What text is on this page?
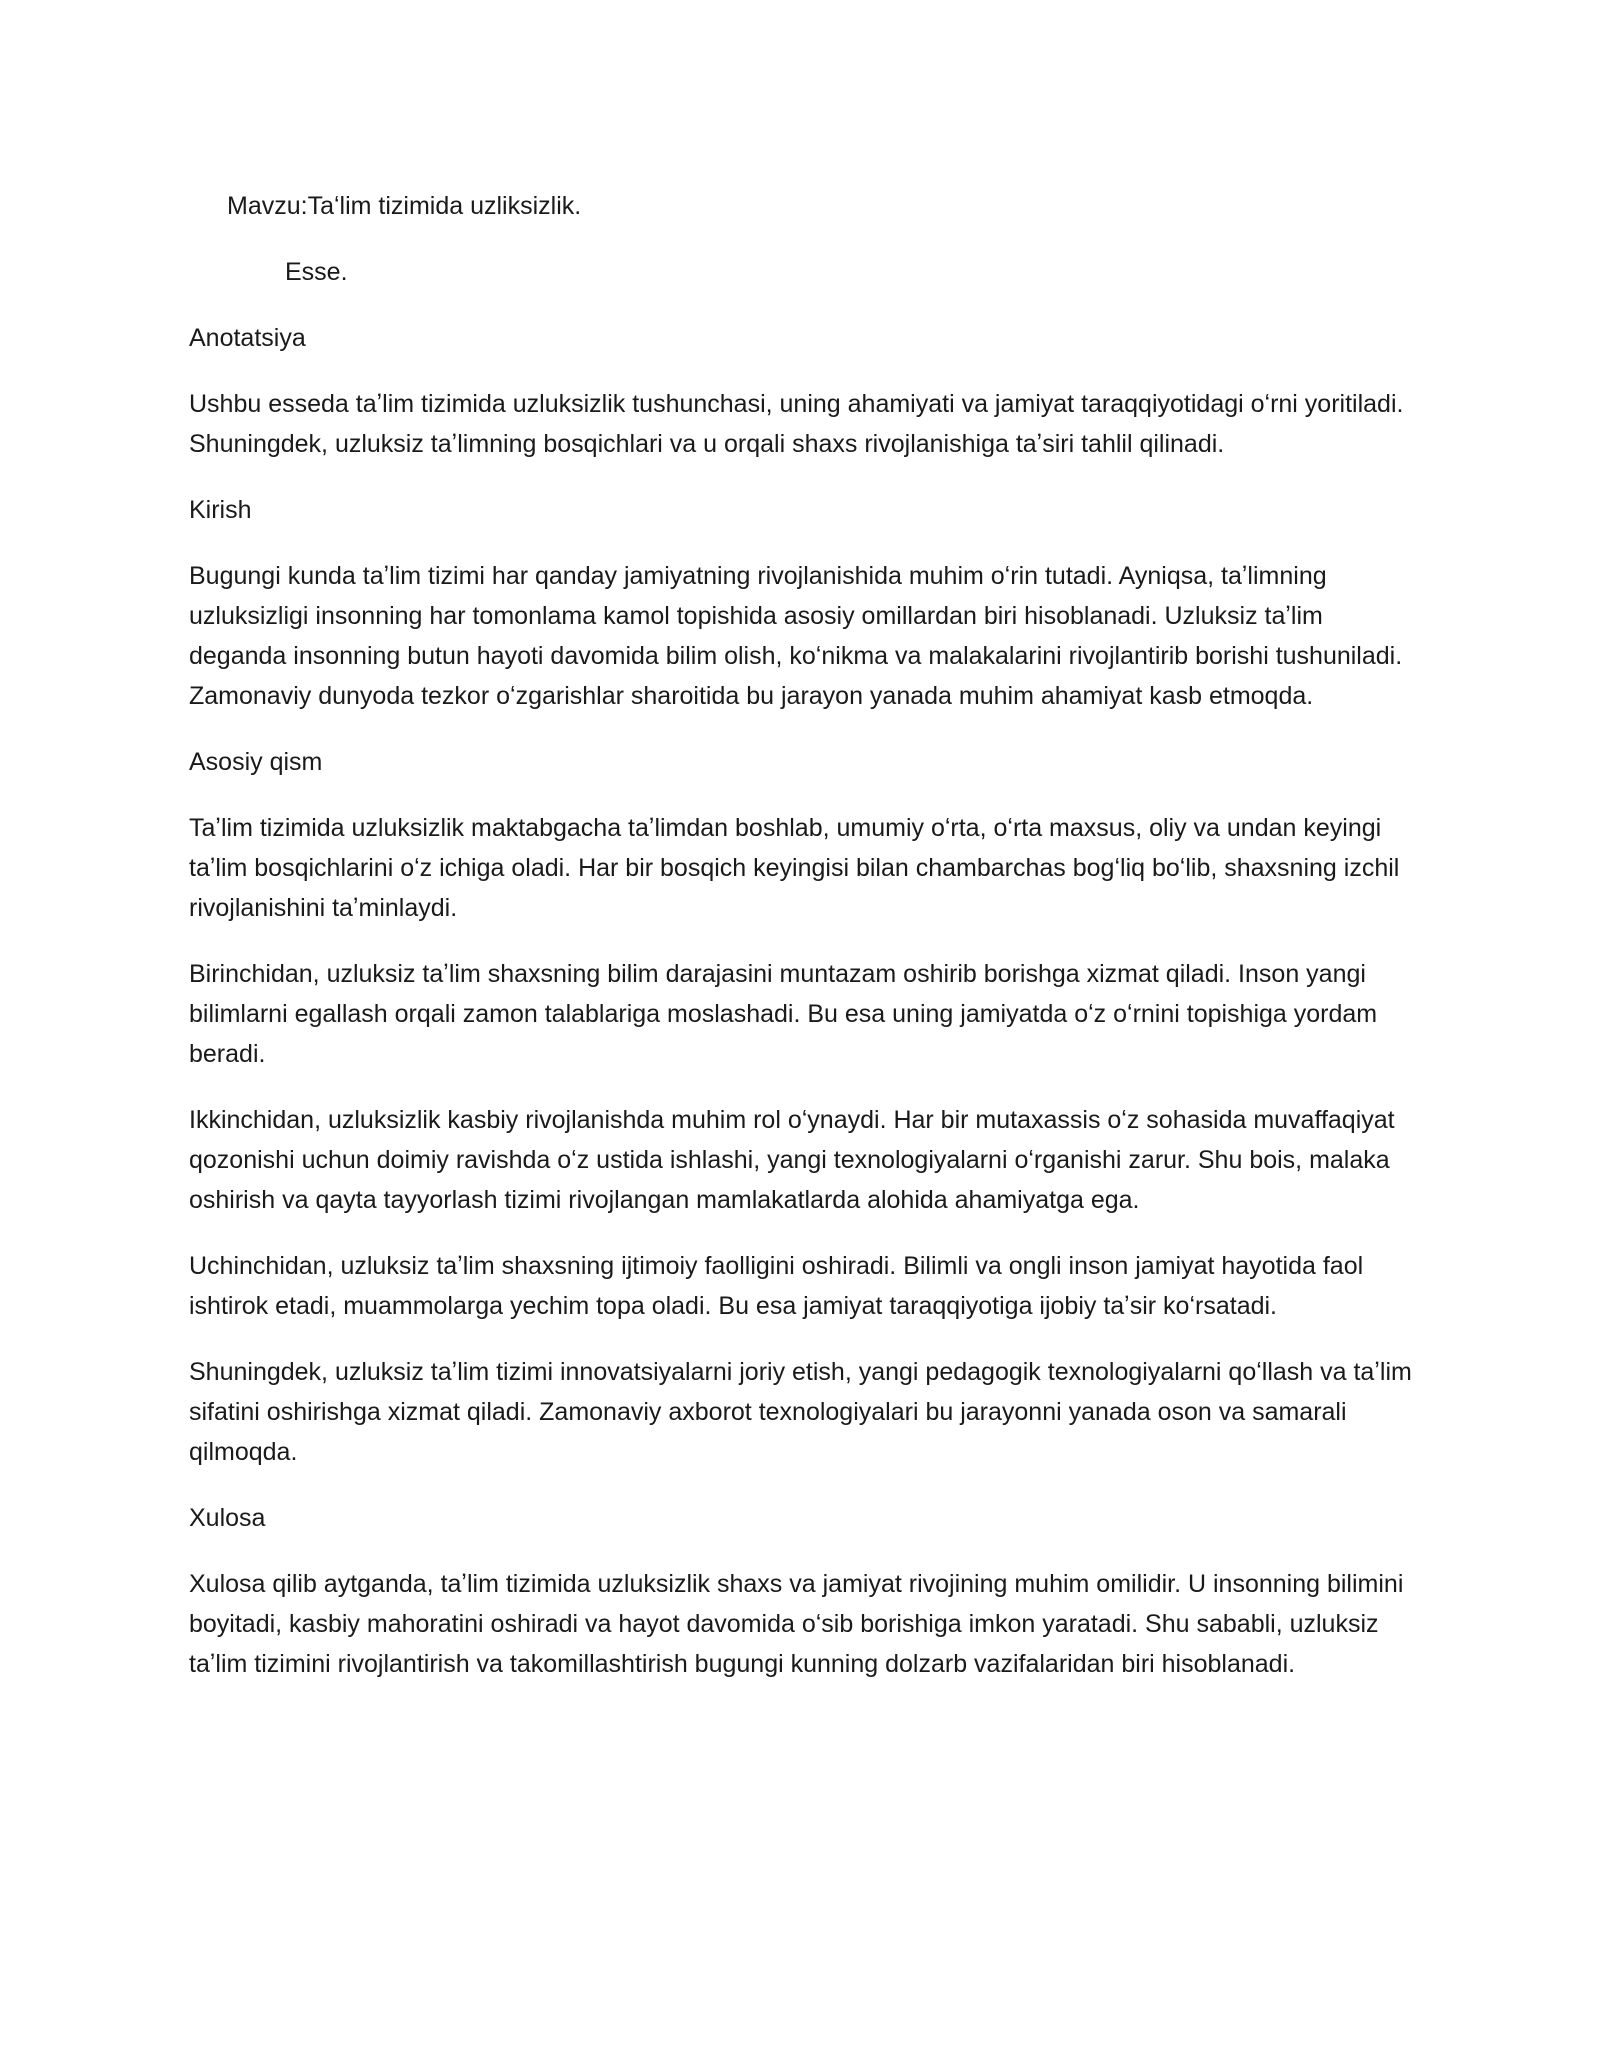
Mavzu:Taʻlim tizimida uzliksizlik.

Esse.

Anotatsiya

Ushbu esseda taʼlim tizimida uzluksizlik tushunchasi, uning ahamiyati va jamiyat taraqqiyotidagi oʻrni yoritiladi. Shuningdek, uzluksiz taʼlimning bosqichlari va u orqali shaxs rivojlanishiga taʼsiri tahlil qilinadi.

Kirish

Bugungi kunda taʼlim tizimi har qanday jamiyatning rivojlanishida muhim oʻrin tutadi. Ayniqsa, taʼlimning uzluksizligi insonning har tomonlama kamol topishida asosiy omillardan biri hisoblanadi. Uzluksiz taʼlim deganda insonning butun hayoti davomida bilim olish, koʻnikma va malakalarini rivojlantirib borishi tushuniladi. Zamonaviy dunyoda tezkor oʻzgarishlar sharoitida bu jarayon yanada muhim ahamiyat kasb etmoqda.

Asosiy qism

Taʼlim tizimida uzluksizlik maktabgacha taʼlimdan boshlab, umumiy oʻrta, oʻrta maxsus, oliy va undan keyingi taʼlim bosqichlarini oʻz ichiga oladi. Har bir bosqich keyingisi bilan chambarchas bogʻliq boʻlib, shaxsning izchil rivojlanishini taʼminlaydi.

Birinchidan, uzluksiz taʼlim shaxsning bilim darajasini muntazam oshirib borishga xizmat qiladi. Inson yangi bilimlarni egallash orqali zamon talablariga moslashadi. Bu esa uning jamiyatda oʻz oʻrnini topishiga yordam beradi.

Ikkinchidan, uzluksizlik kasbiy rivojlanishda muhim rol oʻynaydi. Har bir mutaxassis oʻz sohasida muvaffaqiyat qozonishi uchun doimiy ravishda oʻz ustida ishlashi, yangi texnologiyalarni oʻrganishi zarur. Shu bois, malaka oshirish va qayta tayyorlash tizimi rivojlangan mamlakatlarda alohida ahamiyatga ega.

Uchinchidan, uzluksiz taʼlim shaxsning ijtimoiy faolligini oshiradi. Bilimli va ongli inson jamiyat hayotida faol ishtirok etadi, muammolarga yechim topa oladi. Bu esa jamiyat taraqqiyotiga ijobiy taʼsir koʻrsatadi.

Shuningdek, uzluksiz taʼlim tizimi innovatsiyalarni joriy etish, yangi pedagogik texnologiyalarni qoʻllash va taʼlim sifatini oshirishga xizmat qiladi. Zamonaviy axborot texnologiyalari bu jarayonni yanada oson va samarali qilmoqda.

Xulosa

Xulosa qilib aytganda, taʼlim tizimida uzluksizlik shaxs va jamiyat rivojining muhim omilidir. U insonning bilimini boyitadi, kasbiy mahoratini oshiradi va hayot davomida oʻsib borishiga imkon yaratadi. Shu sababli, uzluksiz taʼlim tizimini rivojlantirish va takomillashtirish bugungi kunning dolzarb vazifalaridan biri hisoblanadi.
